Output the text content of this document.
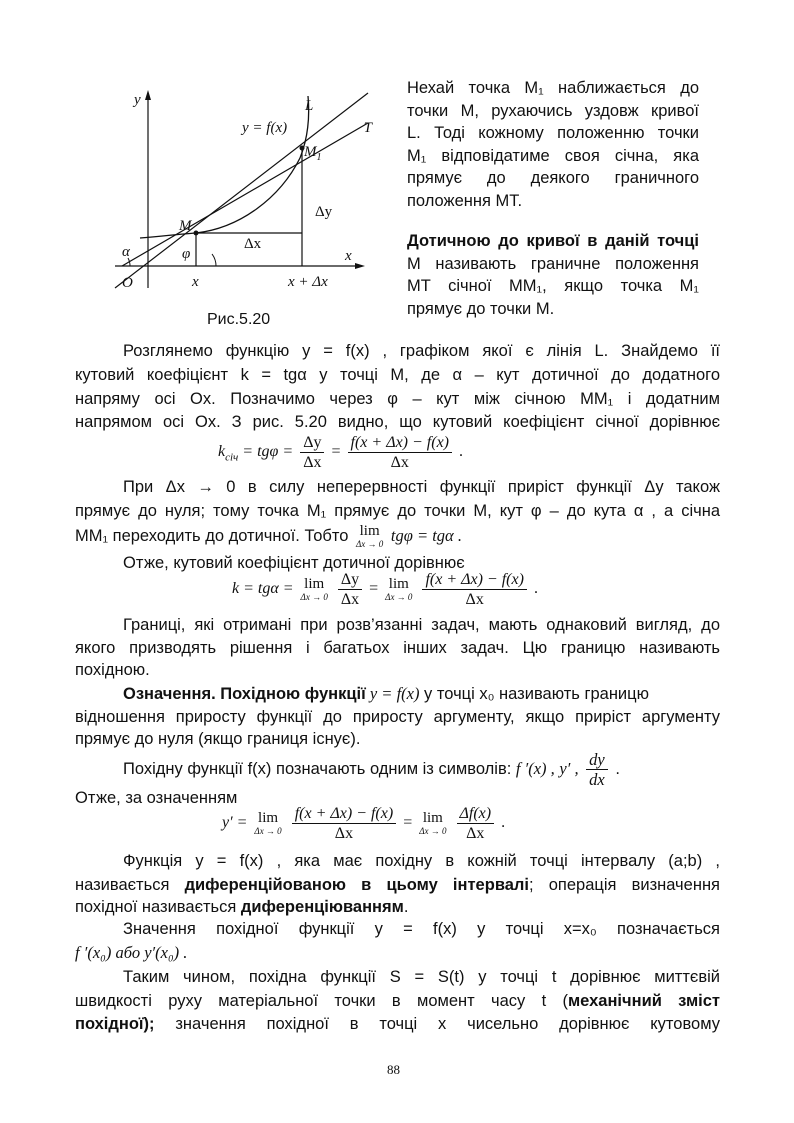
y
x
O
L
T
y = f(x)
M
$M_1$
α	φ
Δx
Δy
x	x + Δx
Рис.5.20
Нехай точка M₁ наближається до
точки M, рухаючись уздовж кривої
L. Тоді кожному положенню точки
M₁ відповідатиме своя січна, яка
прямує до деякого граничного
положення MT.
Дотичною до кривої в даній точці
M називають граничне положення
MT січної MM₁, якщо точка M₁
прямує до точки M.
Розглянемо функцію y = f(x) , графіком якої є лінія L. Знайдемо її
кутовий коефіцієнт k = tgα у точці M, де α – кут дотичної до додатного
напряму осі Ox. Позначимо через φ – кут між січною MM₁ і додатним
напрямом осі Ox. З рис. 5.20 видно, що кутовий коефіцієнт січної дорівнює
$k_{січ} = tg\varphi = \frac{\Delta y}{\Delta x} = \frac{f(x + \Delta x) - f(x)}{\Delta x}$ .
При Δx → 0 в силу неперервності функції приріст функції Δy також
прямує до нуля; тому точка M₁ прямує до точки M, кут φ – до кута α , а січна
MM₁ переходить до дотичної. Тобто lim
Δx → 0 tgφ = tgα .
Отже, кутовий коефіцієнт дотичної дорівнює
k = tgα = lim
Δx → 0
$\frac{\Delta y}{\Delta x} = \lim$
Δx → 0
$\frac{f(x + \Delta x) - f(x)}{\Delta x}$ .
Границі, які отримані при розв’язанні задач, мають однаковий вигляд, до
якого призводять рішення і багатьох інших задач. Цю границю називають
похідною.
Означення. Похідною функції y = f(x) у точці x₀ називають границю
відношення приросту функції до приросту аргументу, якщо приріст аргументу
прямує до нуля (якщо границя існує).
Похідну функції f(x) позначають одним із символів: f ′(x) , y′ , $\frac{dy}{dx}$ .
Отже, за означенням
y′ = lim
Δx → 0
$\frac{f(x + \Delta x) - f(x)}{\Delta x} = \lim$
Δx → 0
$\frac{\Delta f(x)}{\Delta x}$ .
Функція y = f(x) , яка має похідну в кожній точці інтервалу (a;b) ,
називається диференційованою в цьому інтервалі; операція визначення
похідної називається диференціюванням.
Значення похідної функції y = f(x) у точці x=x₀ позначається
f ′(x₀) або y′(x₀) .
Таким чином, похідна функції S = S(t) у точці t дорівнює миттєвій
швидкості руху матеріальної точки в момент часу t (механічний зміст
похідної); значення похідної в точці x чисельно дорівнює кутовому
88
